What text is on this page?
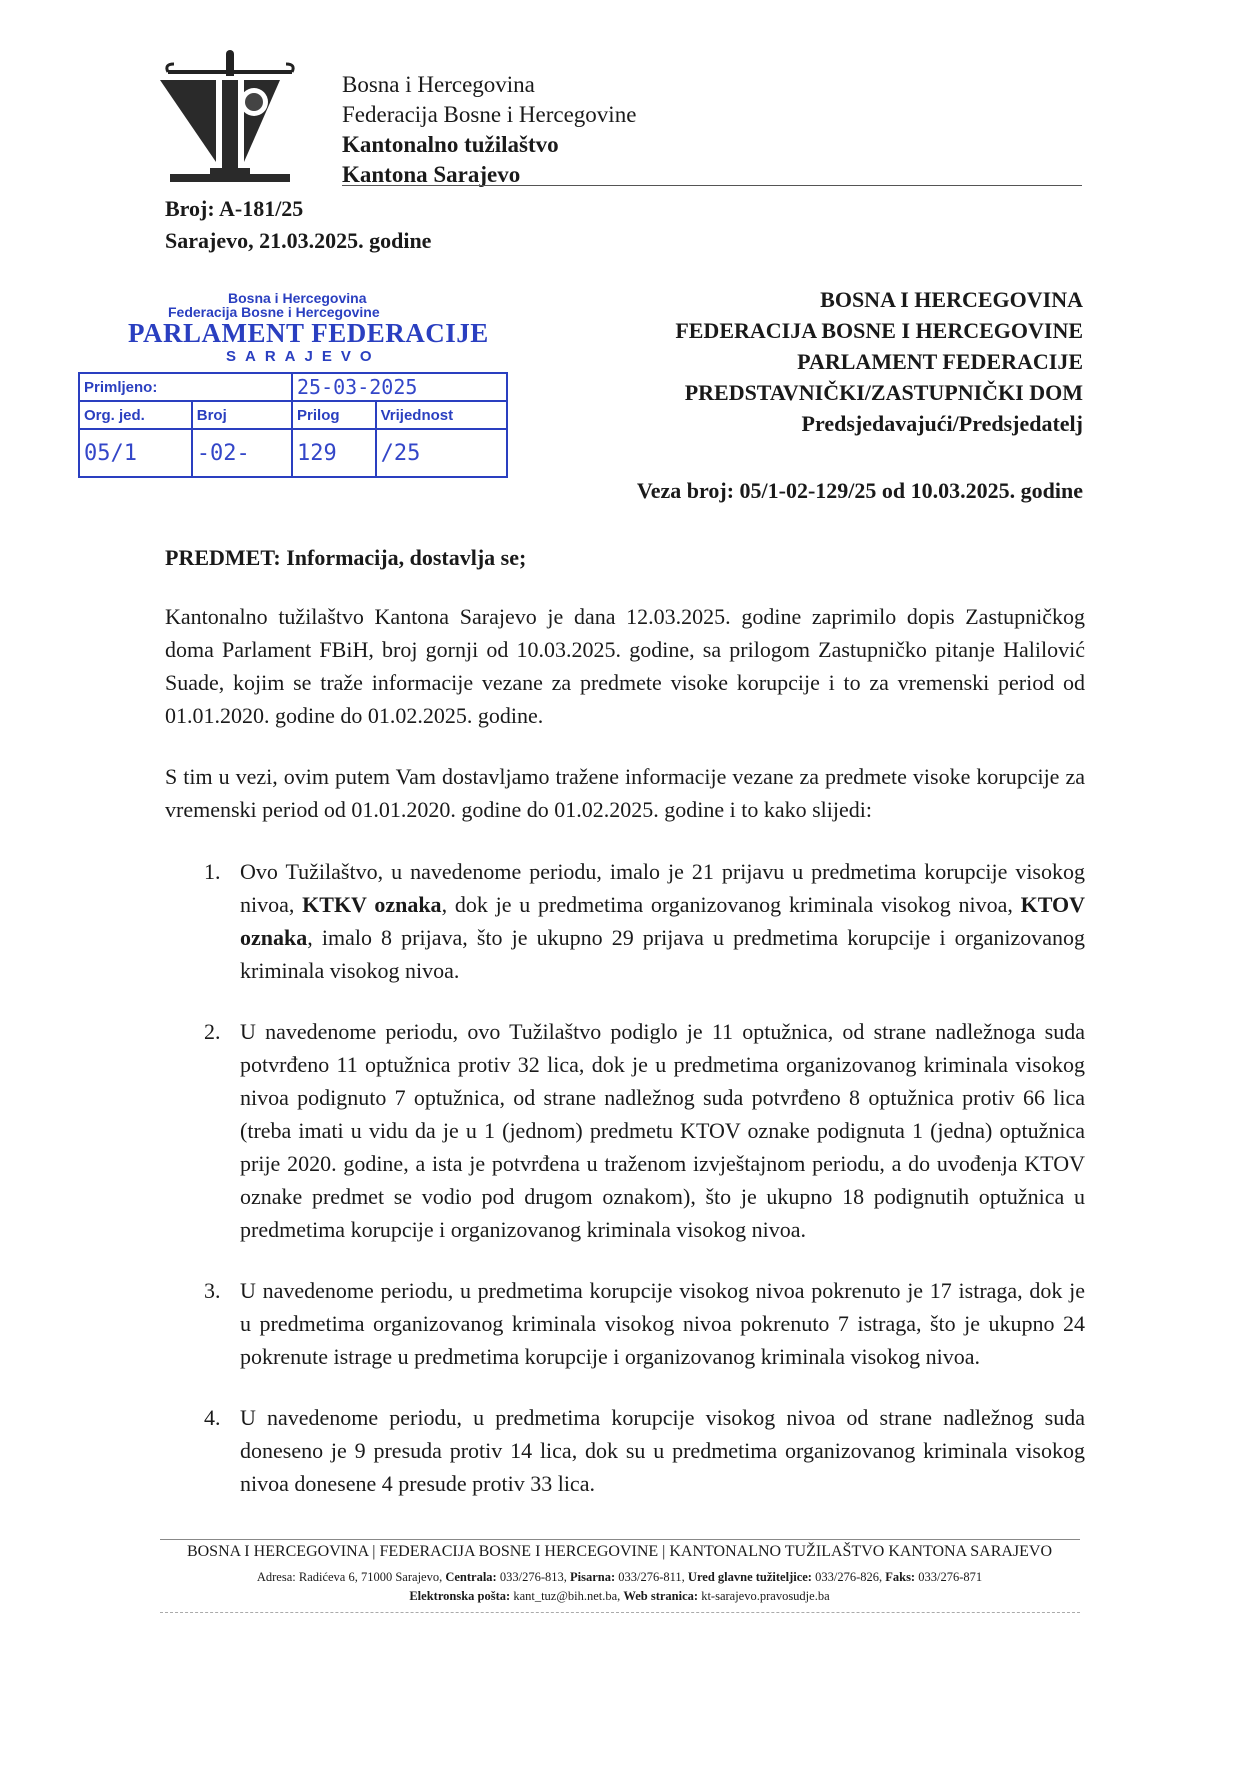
Bosna i Hercegovina
Federacija Bosne i Hercegovine
Kantonalno tužilaštvo
Kantona Sarajevo
Broj: A-181/25
Sarajevo, 21.03.2025. godine
Bosna i Hercegovina
Federacija Bosne i Hercegovine
PARLAMENT FEDERACIJE
SARAJEVO
Primljeno:		25-03-2025	
Org. jed.	Broj	Prilog	Vrijednost
05/1	-02-	129	/25
BOSNA I HERCEGOVINA
FEDERACIJA BOSNE I HERCEGOVINE
PARLAMENT FEDERACIJE
PREDSTAVNIČKI/ZASTUPNIČKI DOM
Predsjedavajući/Predsjedatelj
Veza broj: 05/1-02-129/25 od 10.03.2025. godine
PREDMET: Informacija, dostavlja se;
Kantonalno tužilaštvo Kantona Sarajevo je dana 12.03.2025. godine zaprimilo dopis Zastupničkog doma Parlament FBiH, broj gornji od 10.03.2025. godine, sa prilogom Zastupničko pitanje Halilović Suade, kojim se traže informacije vezane za predmete visoke korupcije i to za vremenski period od 01.01.2020. godine do 01.02.2025. godine.
S tim u vezi, ovim putem Vam dostavljamo tražene informacije vezane za predmete visoke korupcije za vremenski period od 01.01.2020. godine do 01.02.2025. godine i to kako slijedi:
1. Ovo Tužilaštvo, u navedenome periodu, imalo je 21 prijavu u predmetima korupcije visokog nivoa, KTKV oznaka, dok je u predmetima organizovanog kriminala visokog nivoa, KTOV oznaka, imalo 8 prijava, što je ukupno 29 prijava u predmetima korupcije i organizovanog kriminala visokog nivoa.
2. U navedenome periodu, ovo Tužilaštvo podiglo je 11 optužnica, od strane nadležnoga suda potvrđeno 11 optužnica protiv 32 lica, dok je u predmetima organizovanog kriminala visokog nivoa podignuto 7 optužnica, od strane nadležnog suda potvrđeno 8 optužnica protiv 66 lica (treba imati u vidu da je u 1 (jednom) predmetu KTOV oznake podignuta 1 (jedna) optužnica prije 2020. godine, a ista je potvrđena u traženom izvještajnom periodu, a do uvođenja KTOV oznake predmet se vodio pod drugom oznakom), što je ukupno 18 podignutih optužnica u predmetima korupcije i organizovanog kriminala visokog nivoa.
3. U navedenome periodu, u predmetima korupcije visokog nivoa pokrenuto je 17 istraga, dok je u predmetima organizovanog kriminala visokog nivoa pokrenuto 7 istraga, što je ukupno 24 pokrenute istrage u predmetima korupcije i organizovanog kriminala visokog nivoa.
4. U navedenome periodu, u predmetima korupcije visokog nivoa od strane nadležnog suda doneseno je 9 presuda protiv 14 lica, dok su u predmetima organizovanog kriminala visokog nivoa donesene 4 presude protiv 33 lica.
BOSNA I HERCEGOVINA | FEDERACIJA BOSNE I HERCEGOVINE | KANTONALNO TUŽILAŠTVO KANTONA SARAJEVO
Adresa: Radićeva 6, 71000 Sarajevo, Centrala: 033/276-813, Pisarna: 033/276-811, Ured glavne tužiteljice: 033/276-826, Faks: 033/276-871
Elektronska pošta: kant_tuz@bih.net.ba, Web stranica: kt-sarajevo.pravosudje.ba
